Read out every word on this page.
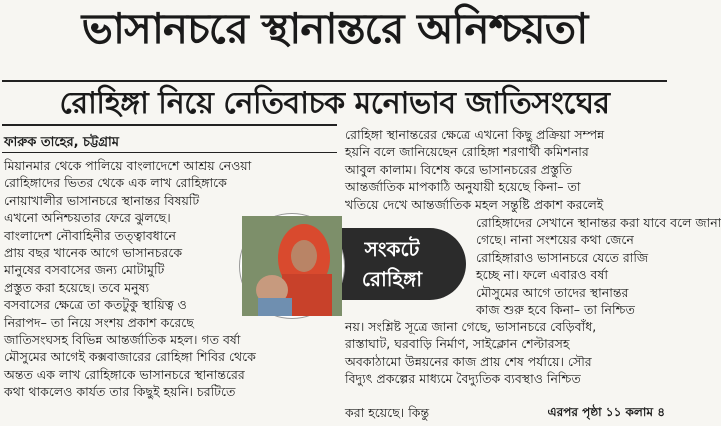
ভাসানচরে স্থানান্তরে অনিশ্চয়তা
রোহিঙ্গা নিয়ে নেতিবাচক মনোভাব জাতিসংঘের
ফারুক তাহের, চট্টগ্রাম
মিয়ানমার থেকে পালিয়ে বাংলাদেশে আশ্রয় নেওয়া
রোহিঙ্গাদের ভিতর থেকে এক লাখ রোহিঙ্গাকে
নোয়াখালীর ভাসানচরে স্থানান্তর বিষয়টি
এখনো অনিশ্চয়তার ফেরে ঝুলছে।
বাংলাদেশ নৌবাহিনীর তত্ত্বাবধানে
প্রায় বছর খানেক আগে ভাসানচরকে
মানুষের বসবাসের জন্য মোটামুটি
প্রস্তুত করা হয়েছে। তবে মনুষ্য
বসবাসের ক্ষেত্রে তা কতটুকু স্থায়িত্ব ও
নিরাপদ– তা নিয়ে সংশয় প্রকাশ করেছে
জাতিসংঘসহ বিভিন্ন আন্তর্জাতিক মহল। গত বর্ষা
মৌসুমের আগেই কক্সবাজারের রোহিঙ্গা শিবির থেকে
অন্তত এক লাখ রোহিঙ্গাকে ভাসানচরে স্থানান্তরের
কথা থাকলেও কার্যত তার কিছুই হয়নি। চরটিতে
রোহিঙ্গা স্থানান্তরের ক্ষেত্রে এখনো কিছু প্রক্রিয়া সম্পন্ন
হয়নি বলে জানিয়েছেন রোহিঙ্গা শরণার্থী কমিশনার
আবুল কালাম। বিশেষ করে ভাসানচরের প্রস্তুতি
আন্তর্জাতিক মাপকাঠি অনুযায়ী হয়েছে কিনা– তা
খতিয়ে দেখে আন্তর্জাতিক মহল সন্তুষ্টি প্রকাশ করলেই
রোহিঙ্গাদের সেখানে স্থানান্তর করা যাবে বলে জানা
গেছে। নানা সংশয়ের কথা জেনে
রোহিঙ্গারাও ভাসানচরে যেতে রাজি
হচ্ছে না। ফলে এবারও বর্ষা
মৌসুমের আগে তাদের স্থানান্তর
কাজ শুরু হবে কিনা– তা নিশ্চিত
সংকটে
রোহিঙ্গা
নয়। সংশ্লিষ্ট সূত্রে জানা গেছে, ভাসানচরে বেড়িবাঁধ,
রাস্তাঘাট, ঘরবাড়ি নির্মাণ, সাইক্লোন শেল্টারসহ
অবকাঠামো উন্নয়নের কাজ প্রায় শেষ পর্যায়ে। সৌর
বিদ্যুৎ প্রকল্পের মাধ্যমে বৈদ্যুতিক ব্যবস্থাও নিশ্চিত
করা হয়েছে। কিন্তু	এরপর পৃষ্ঠা ১১ কলাম ৪
